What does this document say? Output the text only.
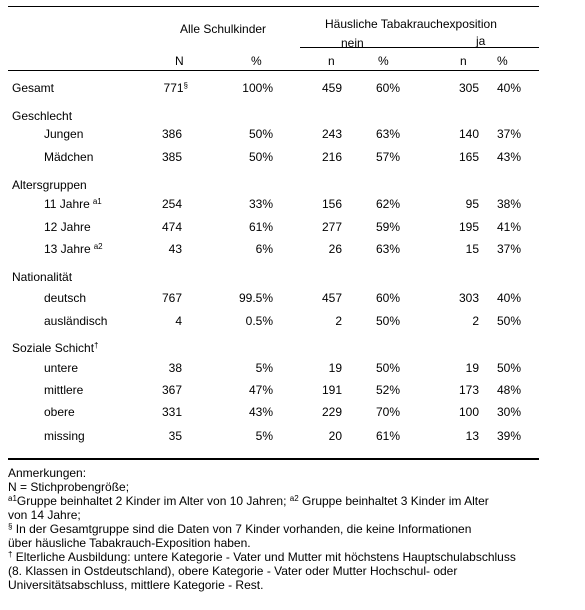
Alle Schulkinder	Häusliche Tabakrauchexposition
nein	ja
N	%	n	%	n	%
Gesamt	771§	100%	459	60%	305	40%
Geschlecht
Jungen	386	50%	243	63%	140	37%
Mädchen	385	50%	216	57%	165	43%
Altersgruppen
11 Jahre $^{a1}$	254	33%	156	62%	95	38%
12 Jahre	474	61%	277	59%	195	41%
13 Jahre $^{a2}$	43	6%	26	63%	15	37%
Nationalität
deutsch	767	99.5%	457	60%	303	40%
ausländisch	4	0.5%	2	50%	2	50%
Soziale Schicht†
untere	38	5%	19	50%	19	50%
mittlere	367	47%	191	52%	173	48%
obere	331	43%	229	70%	100	30%
missing	35	5%	20	61%	13	39%
Anmerkungen:
N = Stichprobengröße;
$^{a1}$Gruppe beinhaltet 2 Kinder im Alter von 10 Jahren; $^{a2}$ Gruppe beinhaltet 3 Kinder im Alter
von 14 Jahre;
§ In der Gesamtgruppe sind die Daten von 7 Kinder vorhanden, die keine Informationen
über häusliche Tabakrauch-Exposition haben.
† Elterliche Ausbildung: untere Kategorie - Vater und Mutter mit höchstens Hauptschulabschluss
(8. Klassen in Ostdeutschland), obere Kategorie - Vater oder Mutter Hochschul- oder
Universitätsabschluss, mittlere Kategorie - Rest.
